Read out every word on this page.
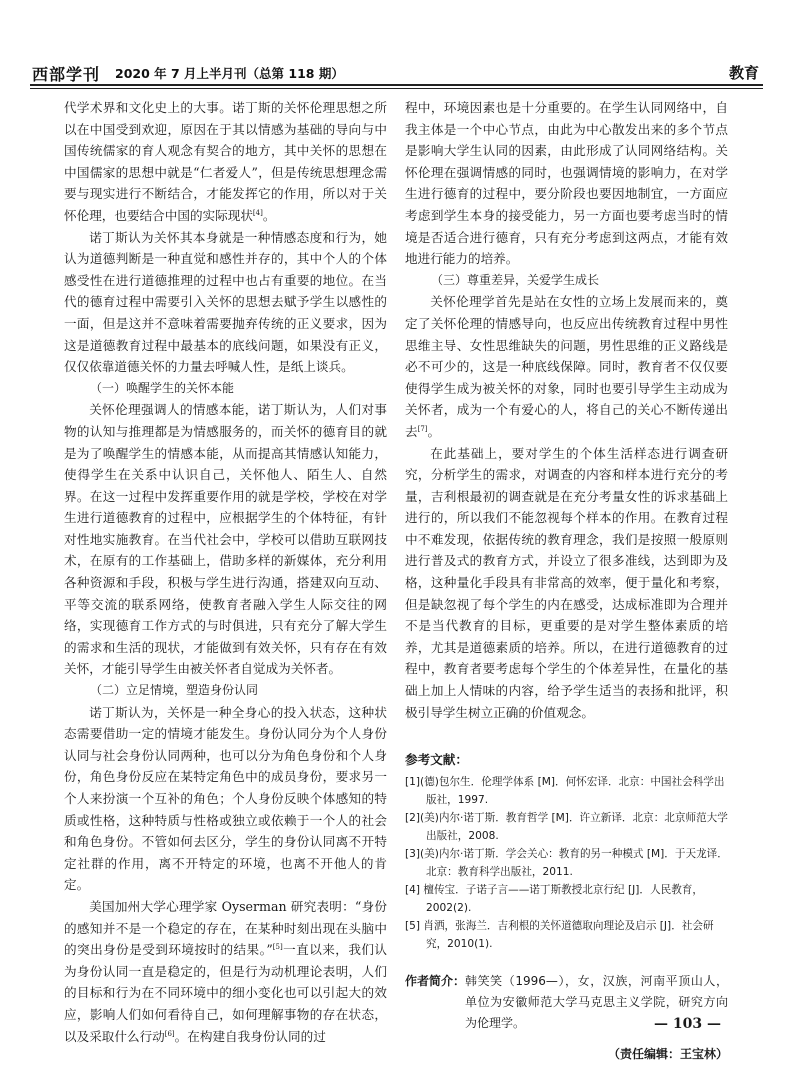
西部学刊 2020 年 7 月上半月刊（总第 118 期）	教育

代学术界和文化史上的大事。诺丁斯的关怀伦理思想之所以在中国受到欢迎，原因在于其以情感为基础的导向与中国传统儒家的育人观念有契合的地方，其中关怀的思想在中国儒家的思想中就是“仁者爱人”，但是传统思想理念需要与现实进行不断结合，才能发挥它的作用，所以对于关怀伦理，也要结合中国的实际现状[4]。

诺丁斯认为关怀其本身就是一种情感态度和行为，她认为道德判断是一种直觉和感性并存的，其中个人的个体感受性在进行道德推理的过程中也占有重要的地位。在当代的德育过程中需要引入关怀的思想去赋予学生以感性的一面，但是这并不意味着需要抛弃传统的正义要求，因为这是道德教育过程中最基本的底线问题，如果没有正义，仅仅依靠道德关怀的力量去呼喊人性，是纸上谈兵。

（一）唤醒学生的关怀本能

关怀伦理强调人的情感本能，诺丁斯认为，人们对事物的认知与推理都是为情感服务的，而关怀的德育目的就是为了唤醒学生的情感本能，从而提高其情感认知能力，使得学生在关系中认识自己，关怀他人、陌生人、自然界。在这一过程中发挥重要作用的就是学校，学校在对学生进行道德教育的过程中，应根据学生的个体特征，有针对性地实施教育。在当代社会中，学校可以借助互联网技术，在原有的工作基础上，借助多样的新媒体，充分利用各种资源和手段，积极与学生进行沟通，搭建双向互动、平等交流的联系网络，使教育者融入学生人际交往的网络，实现德育工作方式的与时俱进，只有充分了解大学生的需求和生活的现状，才能做到有效关怀，只有存在有效关怀，才能引导学生由被关怀者自觉成为关怀者。

（二）立足情境，塑造身份认同

诺丁斯认为，关怀是一种全身心的投入状态，这种状态需要借助一定的情境才能发生。身份认同分为个人身份认同与社会身份认同两种，也可以分为角色身份和个人身份，角色身份反应在某特定角色中的成员身份，要求另一个人来扮演一个互补的角色；个人身份反映个体感知的特质或性格，这种特质与性格或独立或依赖于一个人的社会和角色身份。不管如何去区分，学生的身份认同离不开特定社群的作用，离不开特定的环境，也离不开他人的肯定。

美国加州大学心理学家 Oyserman 研究表明：“身份的感知并不是一个稳定的存在，在某种时刻出现在头脑中的突出身份是受到环境按时的结果。”[5]一直以来，我们认为身份认同一直是稳定的，但是行为动机理论表明，人们的目标和行为在不同环境中的细小变化也可以引起大的效应，影响人们如何看待自己，如何理解事物的存在状态，以及采取什么行动[6]。在构建自我身份认同的过

程中，环境因素也是十分重要的。在学生认同网络中，自我主体是一个中心节点，由此为中心散发出来的多个节点是影响大学生认同的因素，由此形成了认同网络结构。关怀伦理在强调情感的同时，也强调情境的影响力，在对学生进行德育的过程中，要分阶段也要因地制宜，一方面应考虑到学生本身的接受能力，另一方面也要考虑当时的情境是否适合进行德育，只有充分考虑到这两点，才能有效地进行能力的培养。

（三）尊重差异，关爱学生成长

关怀伦理学首先是站在女性的立场上发展而来的，奠定了关怀伦理的情感导向，也反应出传统教育过程中男性思维主导、女性思维缺失的问题，男性思维的正义路线是必不可少的，这是一种底线保障。同时，教育者不仅仅要使得学生成为被关怀的对象，同时也要引导学生主动成为关怀者，成为一个有爱心的人，将自己的关心不断传递出去[7]。

在此基础上，要对学生的个体生活样态进行调查研究，分析学生的需求，对调查的内容和样本进行充分的考量，吉利根最初的调查就是在充分考量女性的诉求基础上进行的，所以我们不能忽视每个样本的作用。在教育过程中不难发现，依据传统的教育理念，我们是按照一般原则进行普及式的教育方式，并设立了很多准线，达到即为及格，这种量化手段具有非常高的效率，便于量化和考察，但是缺忽视了每个学生的内在感受，达成标准即为合理并不是当代教育的目标，更重要的是对学生整体素质的培养，尤其是道德素质的培养。所以，在进行道德教育的过程中，教育者要考虑每个学生的个体差异性，在量化的基础上加上人情味的内容，给予学生适当的表扬和批评，积极引导学生树立正确的价值观念。

参考文献：

[1](德)包尔生．伦理学体系 [M]．何怀宏译．北京：中国社会科学出版社，1997.

[2](美)内尔·诺丁斯．教育哲学 [M]．许立新译．北京：北京师范大学出版社，2008.

[3](美)内尔·诺丁斯．学会关心：教育的另一种模式 [M]．于天龙译．北京：教育科学出版社，2011.

[4] 檀传宝．子诺子言——诺丁斯教授北京行纪 [J]．人民教育，2002(2).

[5] 肖洒，张海兰．吉利根的关怀道德取向理论及启示 [J]．社会研究，2010(1).

作者简介： 韩笑笑（1996—），女，汉族，河南平顶山人，单位为安徽师范大学马克思主义学院，研究方向为伦理学。
（责任编辑：王宝林）
— 103 —
